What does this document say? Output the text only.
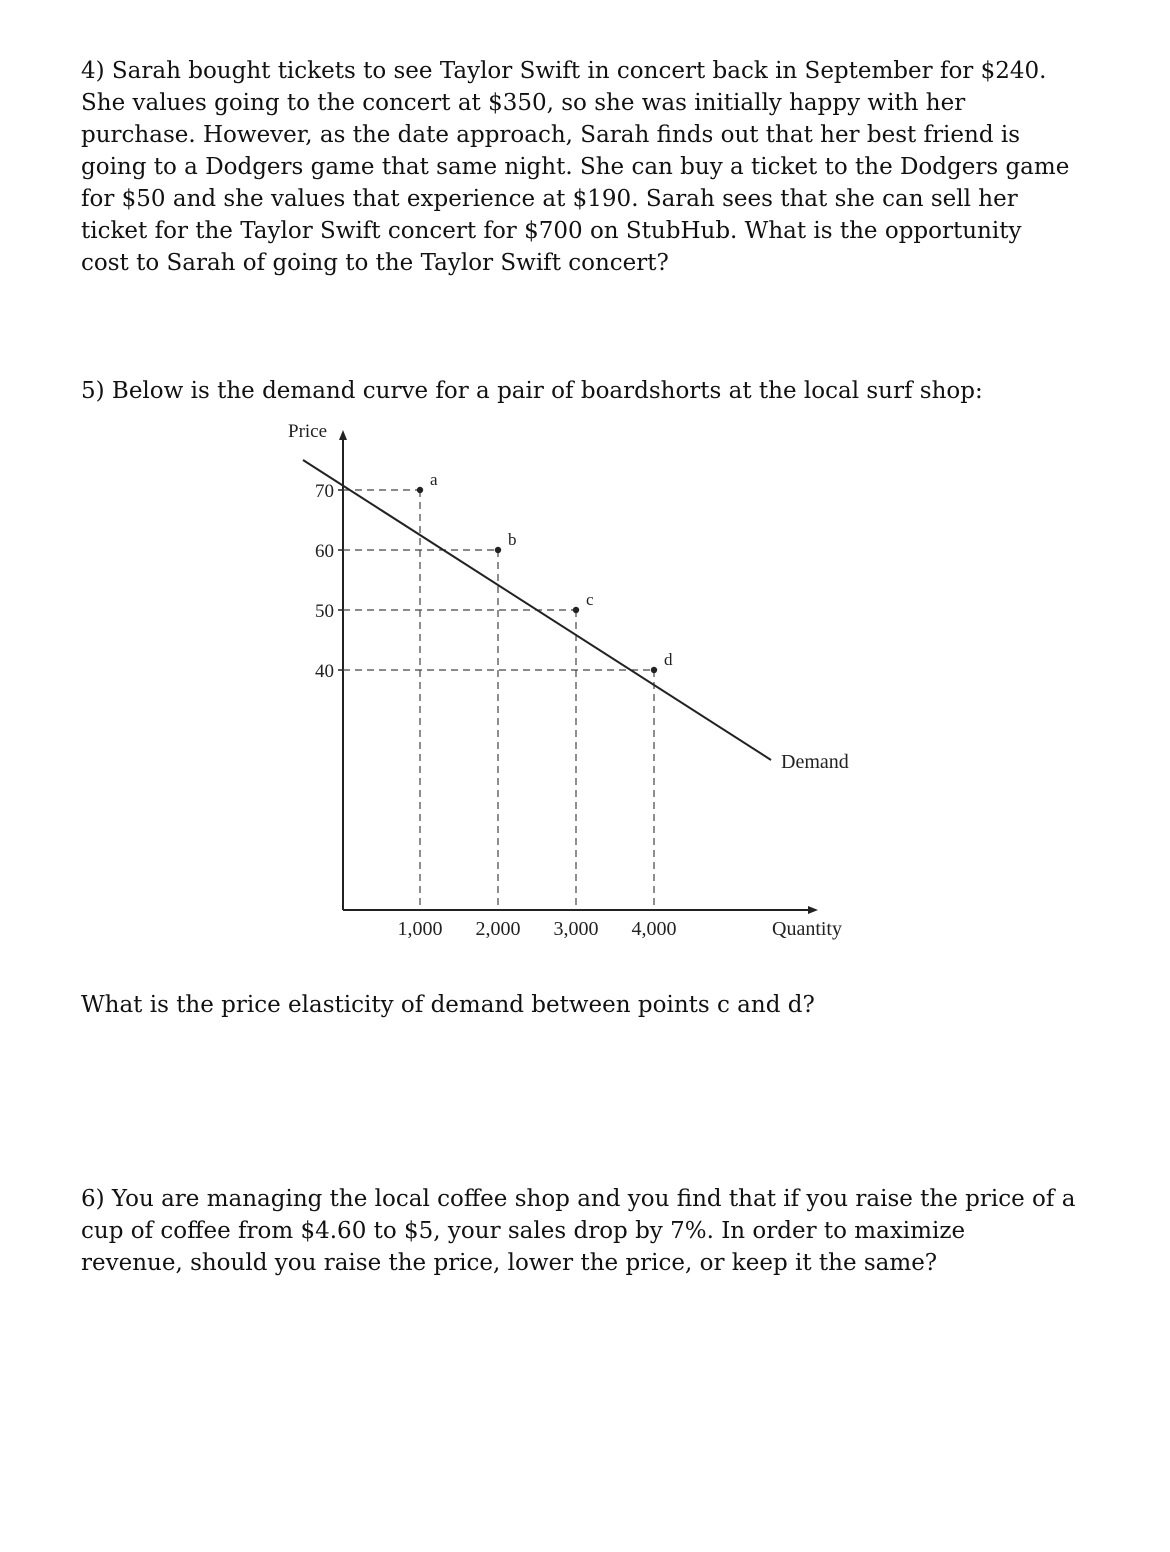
4) Sarah bought tickets to see Taylor Swift in concert back in September for $240.
She values going to the concert at $350, so she was initially happy with her
purchase. However, as the date approach, Sarah finds out that her best friend is
going to a Dodgers game that same night. She can buy a ticket to the Dodgers game
for $50 and she values that experience at $190. Sarah sees that she can sell her
ticket for the Taylor Swift concert for $700 on StubHub. What is the opportunity
cost to Sarah of going to the Taylor Swift concert?

5) Below is the demand curve for a pair of boardshorts at the local surf shop:

Price
Quantity
40
50
60
70
1,000 2,000 3,000 4,000
a
b
c
d
Demand

What is the price elasticity of demand between points c and d?

6) You are managing the local coffee shop and you find that if you raise the price of a
cup of coffee from $4.60 to $5, your sales drop by 7%. In order to maximize
revenue, should you raise the price, lower the price, or keep it the same?
